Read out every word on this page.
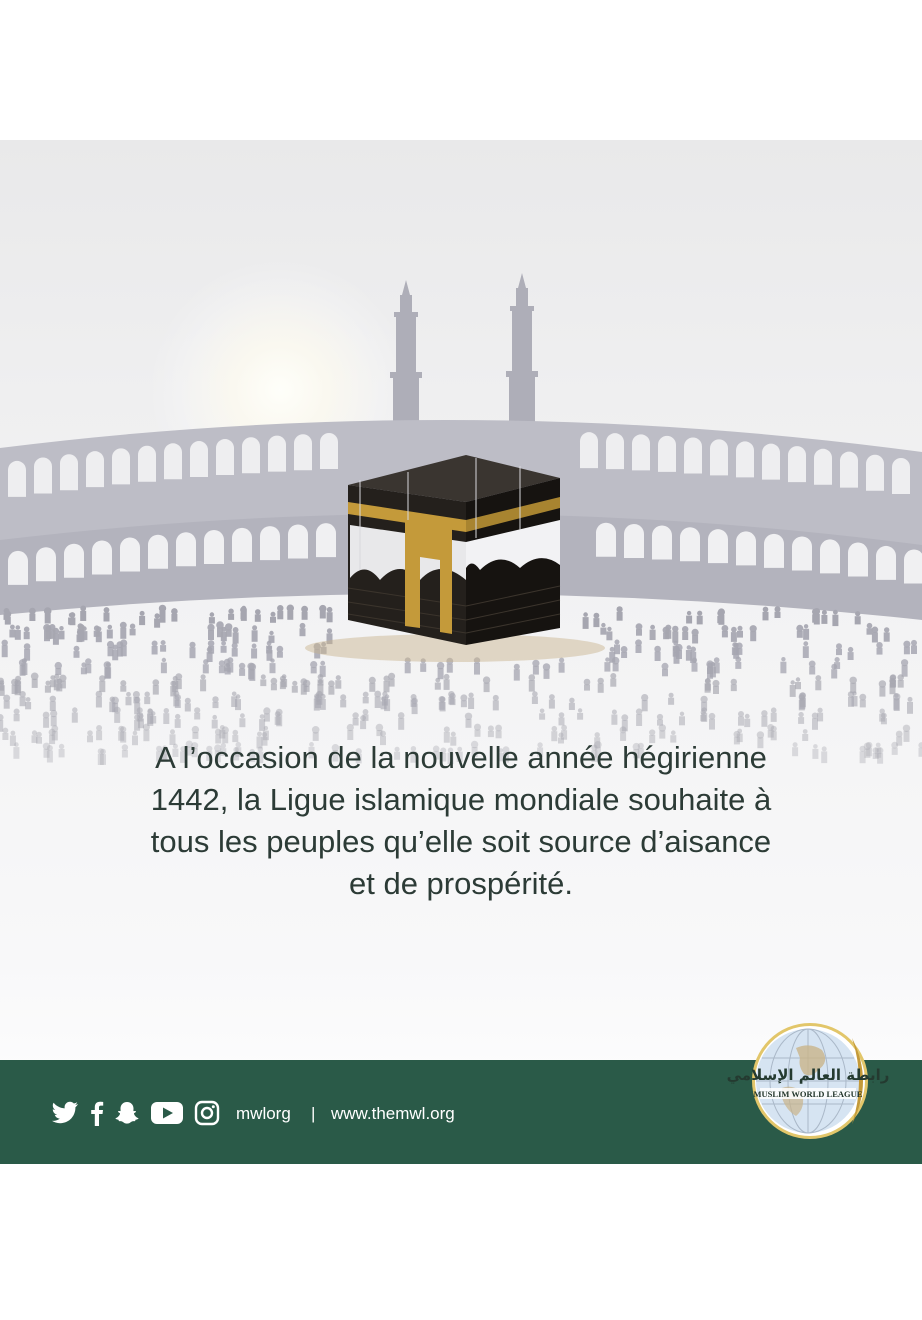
A l’occasion de la nouvelle année hégirienne
1442, la Ligue islamique mondiale souhaite à
tous les peuples qu’elle soit source d’aisance
et de prospérité.

mwlorg | www.themwl.org
رابطة العالم الإسلامي
MUSLIM WORLD LEAGUE
